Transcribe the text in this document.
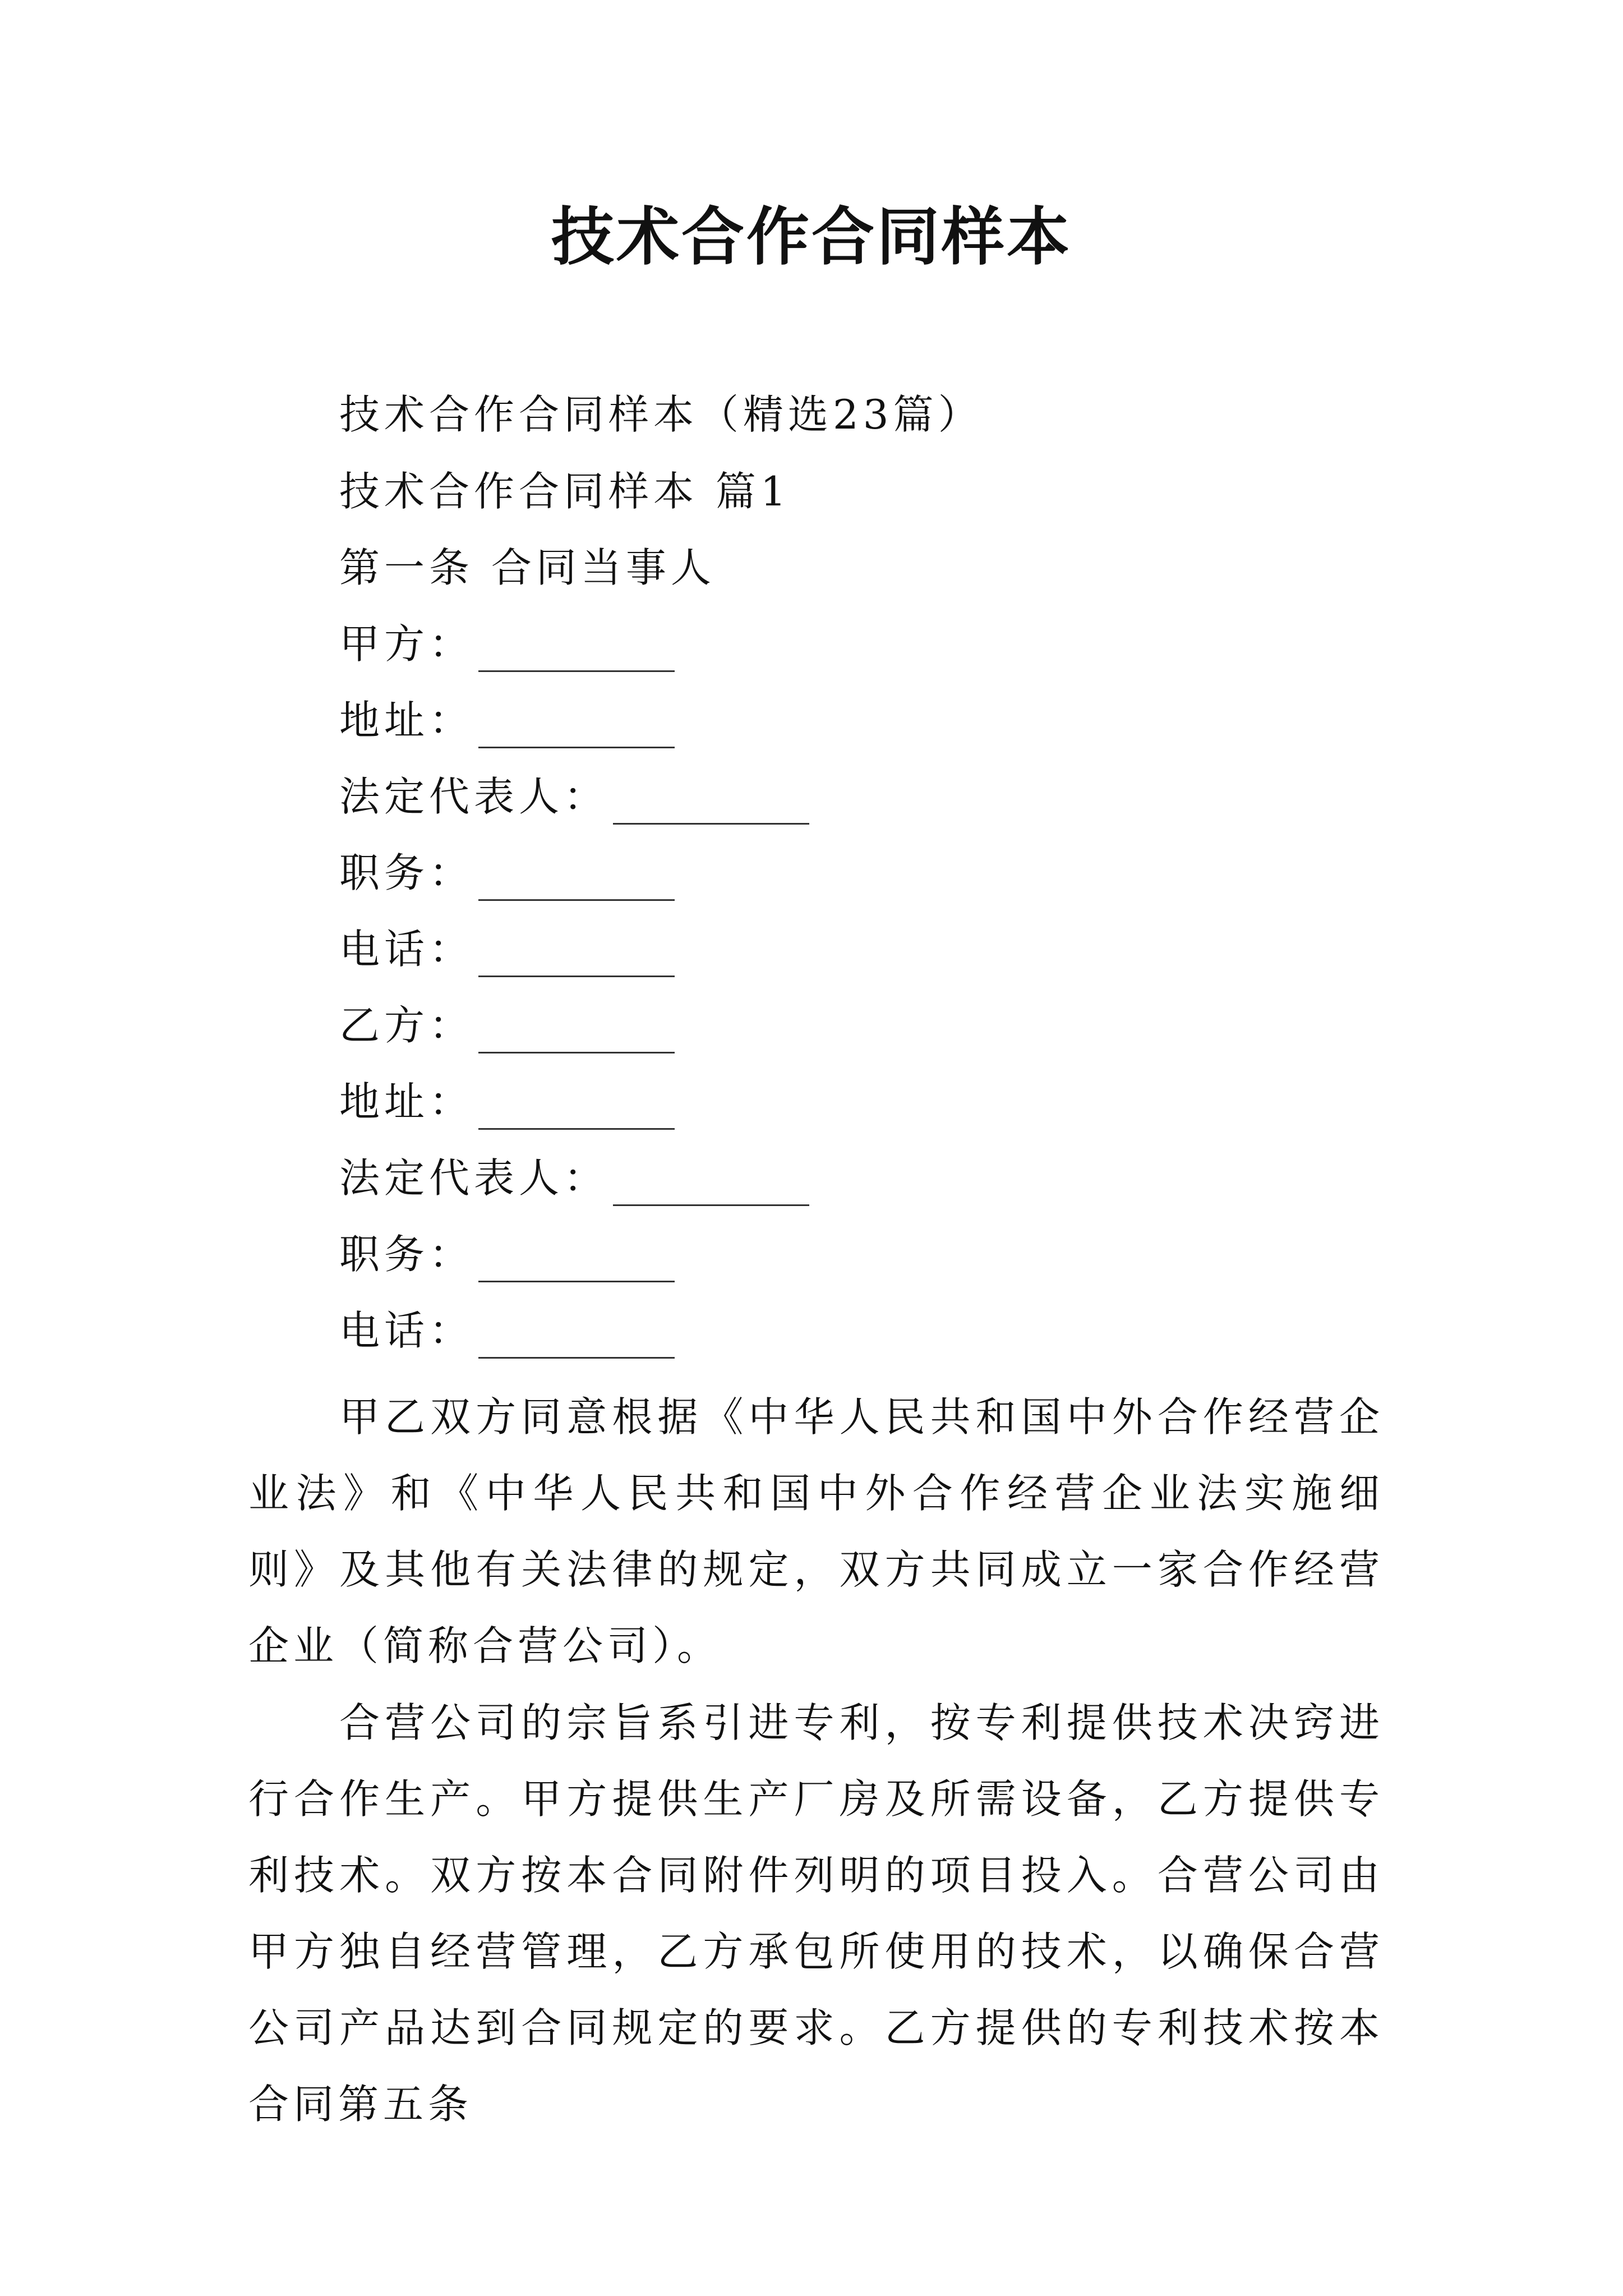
技术合作合同样本
技术合作合同样本（精选23篇）
技术合作合同样本 篇1
第一条 合同当事人
甲方：
地址：
法定代表人：
职务：
电话：
乙方：
地址：
法定代表人：
职务：
电话：
甲乙双方同意根据《中华人民共和国中外合作经营企业法》和《中华人民共和国中外合作经营企业法实施细则》及其他有关法律的规定，双方共同成立一家合作经营企业（简称合营公司）。
合营公司的宗旨系引进专利，按专利提供技术决窍进行合作生产。甲方提供生产厂房及所需设备，乙方提供专利技术。双方按本合同附件列明的项目投入。合营公司由甲方独自经营管理，乙方承包所使用的技术，以确保合营公司产品达到合同规定的要求。乙方提供的专利技术按本合同第五条
